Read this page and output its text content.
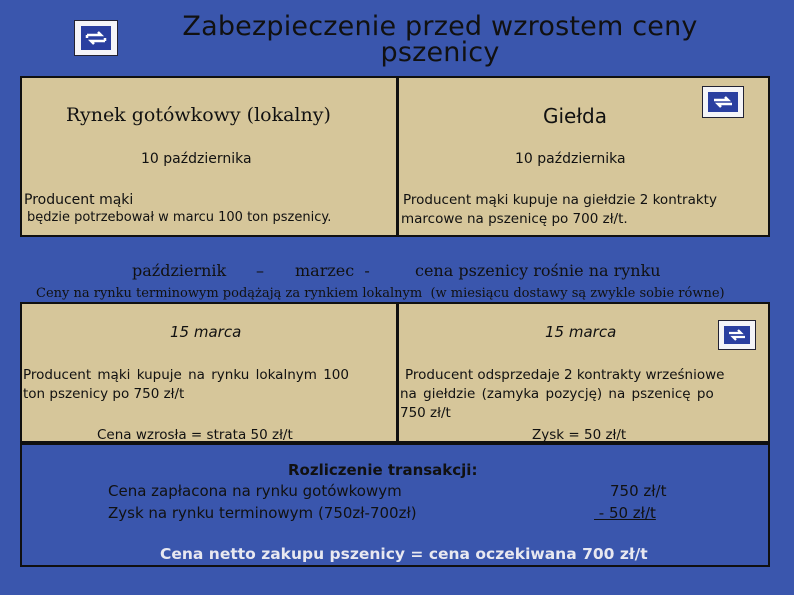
Zabezpieczenie przed wzrostem ceny
pszenicy
Rynek gotówkowy (lokalny)	Giełda
10 października	10 października
Producent mąki
będzie potrzebował w marcu 100 ton pszenicy.
Producent mąki kupuje na giełdzie 2 kontrakty
marcowe na pszenicę po 700 zł/t.
październik – marzec  -	cena pszenicy rośnie na rynku
Ceny na rynku terminowym podążają za rynkiem lokalnym  (w miesiącu dostawy są zwykle sobie równe)
15 marca	15 marca
Producent mąki kupuje na rynku lokalnym 100
ton pszenicy po 750 zł/t
Cena wzrosła = strata 50 zł/t
Producent odsprzedaje 2 kontrakty wrześniowe
na giełdzie (zamyka pozycję) na pszenicę po
750 zł/t
Zysk = 50 zł/t
Rozliczenie transakcji:
Cena zapłacona na rynku gotówkowym	750 zł/t
Zysk na rynku terminowym (750zł-700zł)	- 50 zł/t
Cena netto zakupu pszenicy = cena oczekiwana 700 zł/t
